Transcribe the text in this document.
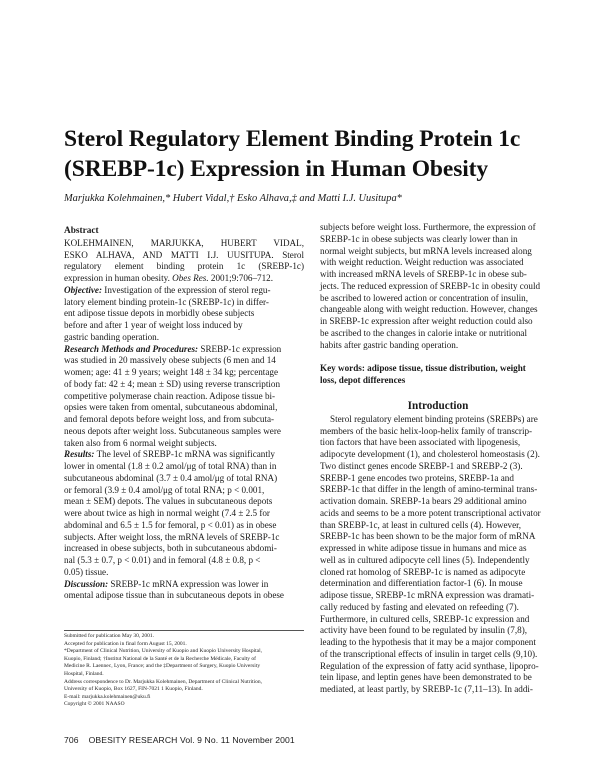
Sterol Regulatory Element Binding Protein 1c
(SREBP-1c) Expression in Human Obesity
Marjukka Kolehmainen,* Hubert Vidal,† Esko Alhava,‡ and Matti I.J. Uusitupa*
Abstract
KOLEHMAINEN, MARJUKKA, HUBERT VIDAL,
ESKO ALHAVA, AND MATTI I.J. UUSITUPA. Sterol
regulatory element binding protein 1c (SREBP-1c)
expression in human obesity. Obes Res. 2001;9:706–712.
Objective: Investigation of the expression of sterol regu-
latory element binding protein-1c (SREBP-1c) in differ-
ent adipose tissue depots in morbidly obese subjects
before and after 1 year of weight loss induced by
gastric banding operation.
Research Methods and Procedures: SREBP-1c expression
was studied in 20 massively obese subjects (6 men and 14
women; age: 41 ± 9 years; weight 148 ± 34 kg; percentage
of body fat: 42 ± 4; mean ± SD) using reverse transcription
competitive polymerase chain reaction. Adipose tissue bi-
opsies were taken from omental, subcutaneous abdominal,
and femoral depots before weight loss, and from subcuta-
neous depots after weight loss. Subcutaneous samples were
taken also from 6 normal weight subjects.
Results: The level of SREBP-1c mRNA was significantly
lower in omental (1.8 ± 0.2 amol/μg of total RNA) than in
subcutaneous abdominal (3.7 ± 0.4 amol/μg of total RNA)
or femoral (3.9 ± 0.4 amol/μg of total RNA; p < 0.001,
mean ± SEM) depots. The values in subcutaneous depots
were about twice as high in normal weight (7.4 ± 2.5 for
abdominal and 6.5 ± 1.5 for femoral, p < 0.01) as in obese
subjects. After weight loss, the mRNA levels of SREBP-1c
increased in obese subjects, both in subcutaneous abdomi-
nal (5.3 ± 0.7, p < 0.01) and in femoral (4.8 ± 0.8, p <
0.05) tissue.
Discussion: SREBP-1c mRNA expression was lower in
omental adipose tissue than in subcutaneous depots in obese
Submitted for publication May 30, 2001.
Accepted for publication in final form August 15, 2001.
*Department of Clinical Nutrition, University of Kuopio and Kuopio University Hospital,
Kuopio, Finland; †Institut National de la Santé et de la Recherche Médicale, Faculty of
Medicine R. Laennec, Lyon, France; and the ‡Department of Surgery, Kuopio University
Hospital, Finland.
Address correspondence to Dr. Marjukka Kolehmainen, Department of Clinical Nutrition,
University of Kuopio, Box 1627, FIN-7021 1 Kuopio, Finland.
E-mail: marjukka.kolehmainen@uku.fi
Copyright © 2001 NAASO
subjects before weight loss. Furthermore, the expression of
SREBP-1c in obese subjects was clearly lower than in
normal weight subjects, but mRNA levels increased along
with weight reduction. Weight reduction was associated
with increased mRNA levels of SREBP-1c in obese sub-
jects. The reduced expression of SREBP-1c in obesity could
be ascribed to lowered action or concentration of insulin,
changeable along with weight reduction. However, changes
in SREBP-1c expression after weight reduction could also
be ascribed to the changes in calorie intake or nutritional
habits after gastric banding operation.
Key words: adipose tissue, tissue distribution, weight
loss, depot differences
Introduction
Sterol regulatory element binding proteins (SREBPs) are
members of the basic helix-loop-helix family of transcrip-
tion factors that have been associated with lipogenesis,
adipocyte development (1), and cholesterol homeostasis (2).
Two distinct genes encode SREBP-1 and SREBP-2 (3).
SREBP-1 gene encodes two proteins, SREBP-1a and
SREBP-1c that differ in the length of amino-terminal trans-
activation domain. SREBP-1a bears 29 additional amino
acids and seems to be a more potent transcriptional activator
than SREBP-1c, at least in cultured cells (4). However,
SREBP-1c has been shown to be the major form of mRNA
expressed in white adipose tissue in humans and mice as
well as in cultured adipocyte cell lines (5). Independently
cloned rat homolog of SREBP-1c is named as adipocyte
determination and differentiation factor-1 (6). In mouse
adipose tissue, SREBP-1c mRNA expression was dramati-
cally reduced by fasting and elevated on refeeding (7).
Furthermore, in cultured cells, SREBP-1c expression and
activity have been found to be regulated by insulin (7,8),
leading to the hypothesis that it may be a major component
of the transcriptional effects of insulin in target cells (9,10).
Regulation of the expression of fatty acid synthase, lipopro-
tein lipase, and leptin genes have been demonstrated to be
mediated, at least partly, by SREBP-1c (7,11–13). In addi-
706 OBESITY RESEARCH Vol. 9 No. 11 November 2001
